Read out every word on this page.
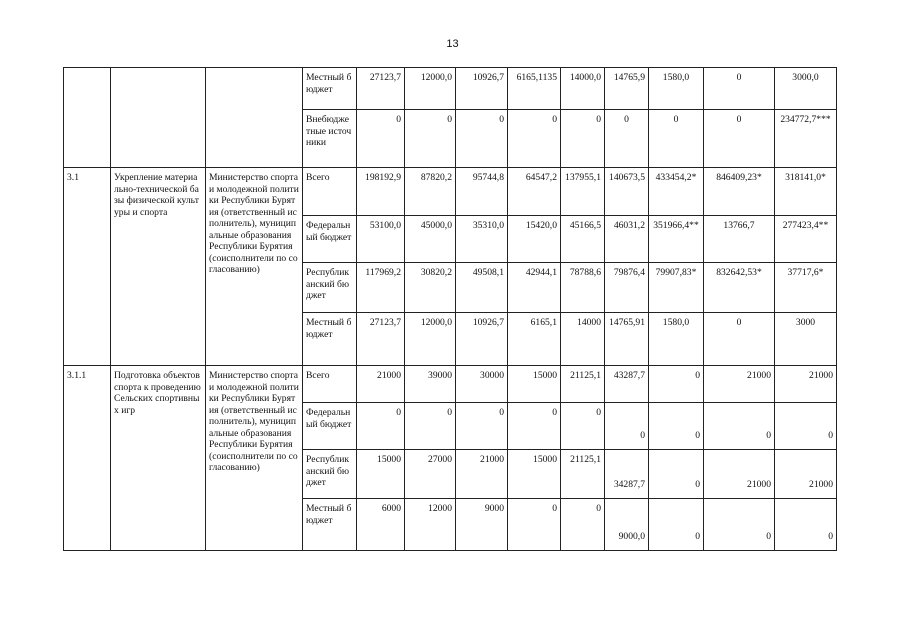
13
			Местный бюджет	27123,7	12000,0	10926,7	6165,1135	14000,0	14765,9	1580,0	0	3000,0
			Внебюджетные источники	0	0	0	0	0	0	0	0	234772,7***
3.1	Укрепление материально-технической базы физической культуры и спорта	Министерство спорта и молодежной политики Республики Бурятия (ответственный исполнитель), муниципальные образования Республики Бурятия (соисполнители по согласованию)	Всего	198192,9	87820,2	95744,8	64547,2	137955,1	140673,5	433454,2*	846409,23*	318141,0*
			Федеральный бюджет	53100,0	45000,0	35310,0	15420,0	45166,5	46031,2	351966,4**	13766,7	277423,4**
			Республиканский бюджет	117969,2	30820,2	49508,1	42944,1	78788,6	79876,4	79907,83*	832642,53*	37717,6*
			Местный бюджет	27123,7	12000,0	10926,7	6165,1	14000	14765,91	1580,0	0	3000
3.1.1	Подготовка объектов спорта к проведению Сельских спортивных игр	Министерство спорта и молодежной политики Республики Бурятия (ответственный исполнитель), муниципальные образования Республики Бурятия (соисполнители по согласованию)	Всего	21000	39000	30000	15000	21125,1	43287,7	0	21000	21000
			Федеральный бюджет	0	0	0	0	0	0	0	0	0
			Республиканский бюджет	15000	27000	21000	15000	21125,1	34287,7	0	21000	21000
			Местный бюджет	6000	12000	9000	0	0	9000,0	0	0	0
